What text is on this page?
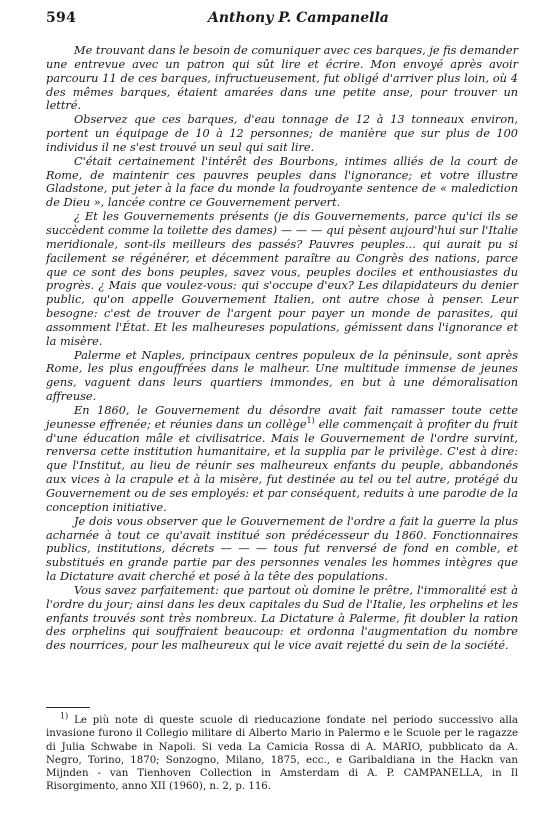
594	Anthony P. Campanella

Me trouvant dans le besoin de comuniquer avec ces barques, je fis demander une entrevue avec un patron qui sût lire et écrire. Mon envoyé après avoir parcouru 11 de ces barques, infructueusement, fut obligé d'arriver plus loin, où 4 des mêmes barques, étaient amarées dans une petite anse, pour trouver un lettré.

Observez que ces barques, d'eau tonnage de 12 à 13 tonneaux environ, portent un équipage de 10 à 12 personnes; de manière que sur plus de 100 individus il ne s'est trouvé un seul qui sait lire.

C'était certainement l'intérêt des Bourbons, intimes alliés de la court de Rome, de maintenir ces pauvres peuples dans l'ignorance; et votre illustre Gladstone, put jeter à la face du monde la foudroyante sentence de « malediction de Dieu », lancée contre ce Gouvernement pervert.

¿ Et les Gouvernements présents (je dis Gouvernements, parce qu'ici ils se succèdent comme la toilette des dames) — — — qui pèsent aujourd'hui sur l'Italie meridionale, sont-ils meilleurs des passés? Pauvres peuples... qui aurait pu si facilement se régénérer, et décemment paraître au Congrès des nations, parce que ce sont des bons peuples, savez vous, peuples dociles et enthousiastes du progrès. ¿ Mais que voulez-vous: qui s'occupe d'eux? Les dilapidateurs du denier public, qu'on appelle Gouvernement Italien, ont autre chose à penser. Leur besogne: c'est de trouver de l'argent pour payer un monde de parasites, qui assomment l'État. Et les malheureses populations, gémissent dans l'ignorance et la misère.

Palerme et Naples, principaux centres populeux de la péninsule, sont après Rome, les plus engouffrées dans le malheur. Une multitude immense de jeunes gens, vaguent dans leurs quartiers immondes, en but à une démoralisation affreuse.

En 1860, le Gouvernement du désordre avait fait ramasser toute cette jeunesse effrenée; et réunies dans un collège$^{1)}$ elle commençait à profiter du fruit d'une éducation mâle et civilisatrice. Mais le Gouvernement de l'ordre survint, renversa cette institution humanitaire, et la supplia par le privilège. C'est à dire: que l'Institut, au lieu de réunir ses malheureux enfants du peuple, abbandonés aux vices à la crapule et à la misère, fut destinée au tel ou tel autre, protégé du Gouvernement ou de ses employés: et par conséquent, reduits à une parodie de la conception initiative.

Je dois vous observer que le Gouvernement de l'ordre a fait la guerre la plus acharnée à tout ce qu'avait institué son prédécesseur du 1860. Fonctionnaires publics, institutions, décrets — — — tous fut renversé de fond en comble, et substitués en grande partie par des personnes venales les hommes intègres que la Dictature avait cherché et posé à la tête des populations.

Vous savez parfaitement: que partout où domine le prêtre, l'immoralité est à l'ordre du jour; ainsi dans les deux capitales du Sud de l'Italie, les orphelins et les enfants trouvés sont très nombreux. La Dictature à Palerme, fit doubler la ration des orphelins qui souffraient beaucoup: et ordonna l'augmentation du nombre des nourrices, pour les malheureux qui le vice avait rejetté du sein de la société.

$^{1)}$ Le più note di queste scuole di rieducazione fondate nel periodo successivo alla invasione furono il Collegio militare di Alberto Mario in Palermo e le Scuole per le ragazze di Julia Schwabe in Napoli. Si veda La Camicia Rossa di A. MARIO, pubblicato da A. Negro, Torino, 1870; Sonzogno, Milano, 1875, ecc., e Garibaldiana in the Hackn van Mijnden - van Tienhoven Collection in Amsterdam di A. P. CAMPANELLA, in Il Risorgimento, anno XII (1960), n. 2, p. 116.
